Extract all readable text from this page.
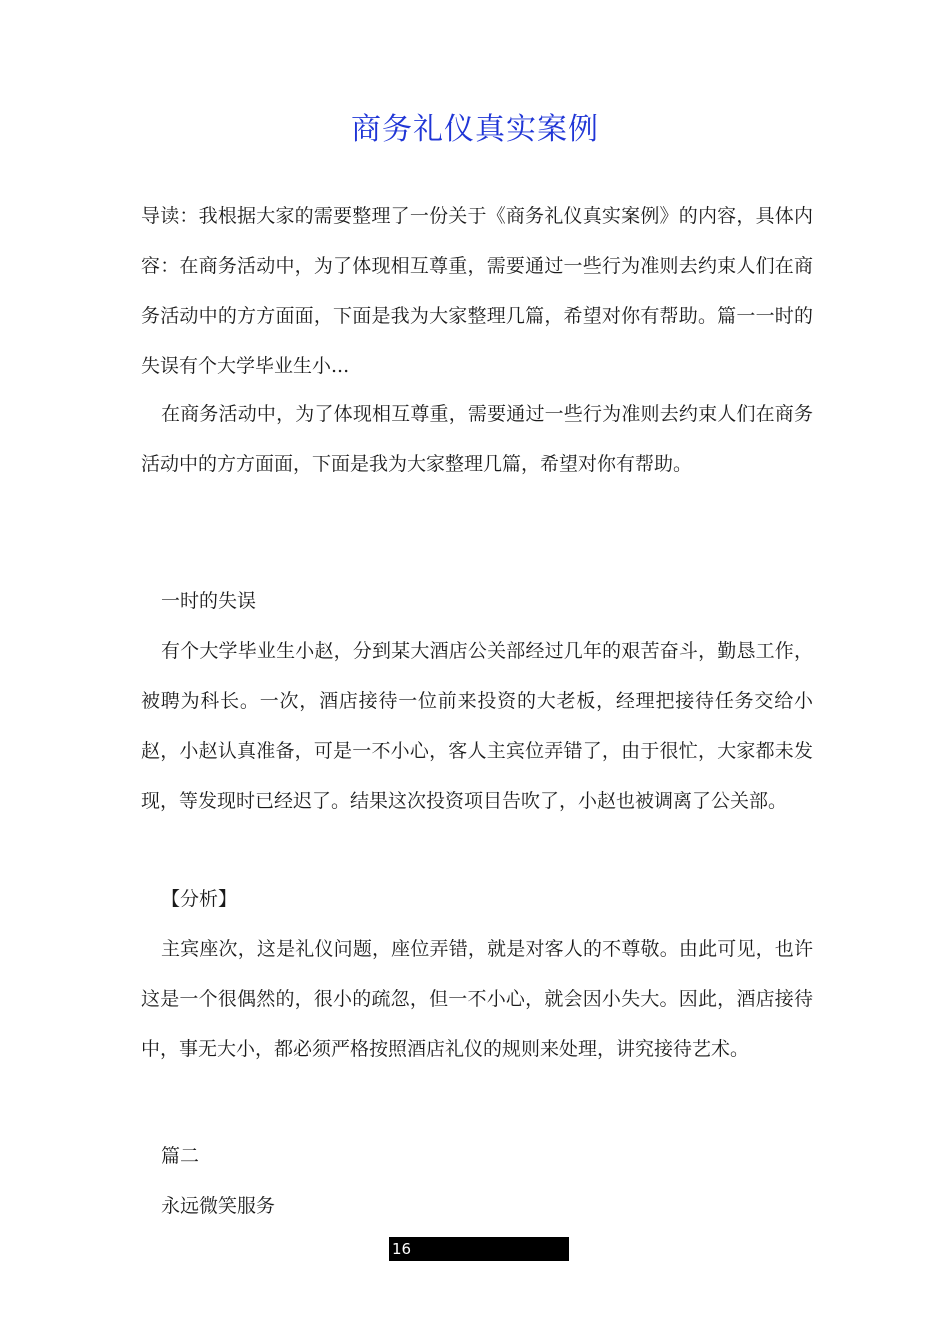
商务礼仪真实案例

导读：我根据大家的需要整理了一份关于《商务礼仪真实案例》的内容，具体内容：在商务活动中，为了体现相互尊重，需要通过一些行为准则去约束人们在商务活动中的方方面面，下面是我为大家整理几篇，希望对你有帮助。篇一一时的失误有个大学毕业生小...

在商务活动中，为了体现相互尊重，需要通过一些行为准则去约束人们在商务活动中的方方面面，下面是我为大家整理几篇，希望对你有帮助。

一时的失误

有个大学毕业生小赵，分到某大酒店公关部经过几年的艰苦奋斗，勤恳工作，被聘为科长。一次，酒店接待一位前来投资的大老板，经理把接待任务交给小赵，小赵认真准备，可是一不小心，客人主宾位弄错了，由于很忙，大家都未发现，等发现时已经迟了。结果这次投资项目告吹了，小赵也被调离了公关部。

【分析】

主宾座次，这是礼仪问题，座位弄错，就是对客人的不尊敬。由此可见，也许这是一个很偶然的，很小的疏忽，但一不小心，就会因小失大。因此，酒店接待中，事无大小，都必须严格按照酒店礼仪的规则来处理，讲究接待艺术。

篇二

永远微笑服务

16
